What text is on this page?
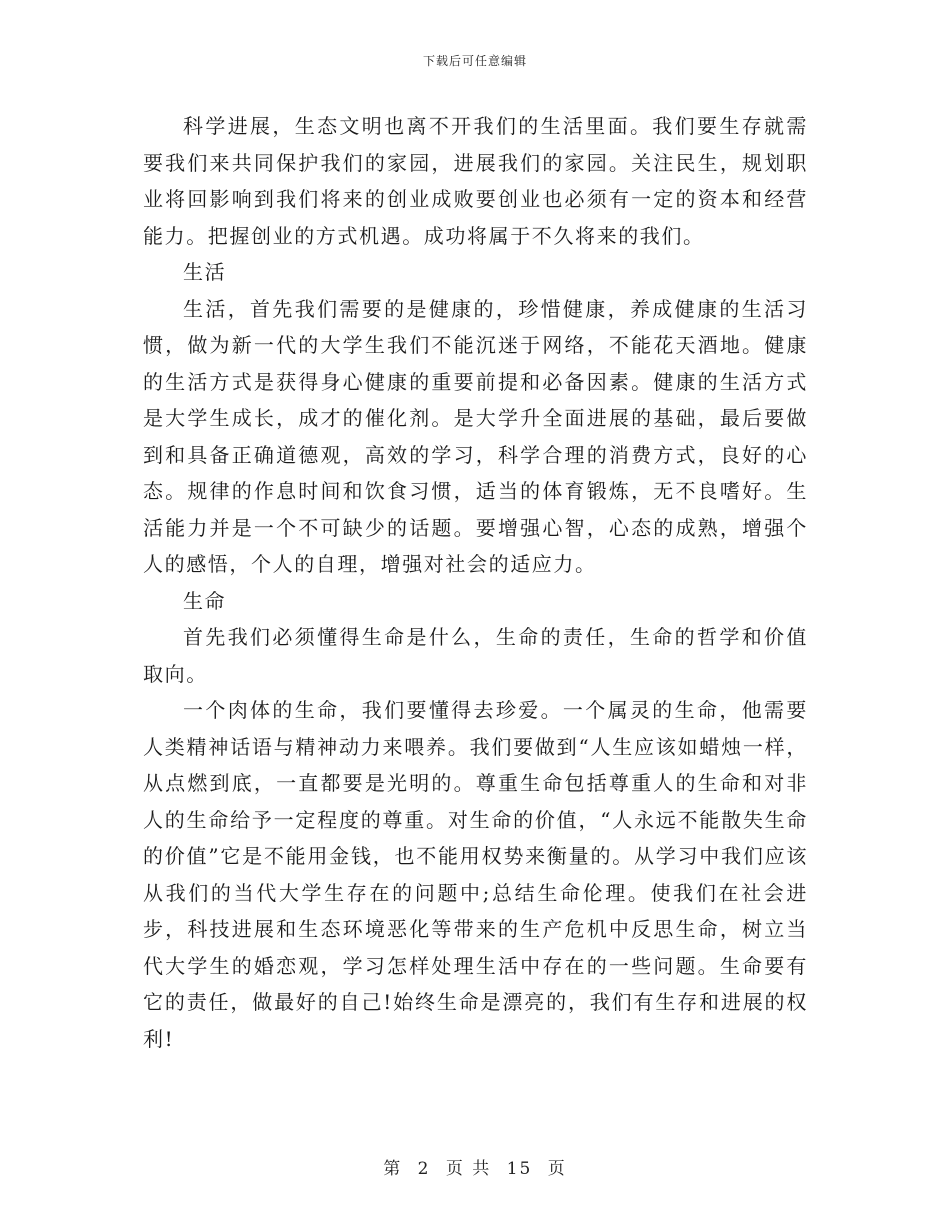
下载后可任意编辑

科学进展，生态文明也离不开我们的生活里面。我们要生存就需要我们来共同保护我们的家园，进展我们的家园。关注民生，规划职业将回影响到我们将来的创业成败要创业也必须有一定的资本和经营能力。把握创业的方式机遇。成功将属于不久将来的我们。

生活

生活，首先我们需要的是健康的，珍惜健康，养成健康的生活习惯，做为新一代的大学生我们不能沉迷于网络，不能花天酒地。健康的生活方式是获得身心健康的重要前提和必备因素。健康的生活方式是大学生成长，成才的催化剂。是大学升全面进展的基础，最后要做到和具备正确道德观，高效的学习，科学合理的消费方式，良好的心态。规律的作息时间和饮食习惯，适当的体育锻炼，无不良嗜好。生活能力并是一个不可缺少的话题。要增强心智，心态的成熟，增强个人的感悟，个人的自理，增强对社会的适应力。

生命

首先我们必须懂得生命是什么，生命的责任，生命的哲学和价值取向。

一个肉体的生命，我们要懂得去珍爱。一个属灵的生命，他需要人类精神话语与精神动力来喂养。我们要做到“人生应该如蜡烛一样，从点燃到底，一直都要是光明的。尊重生命包括尊重人的生命和对非人的生命给予一定程度的尊重。对生命的价值，“人永远不能散失生命的价值”它是不能用金钱，也不能用权势来衡量的。从学习中我们应该从我们的当代大学生存在的问题中;总结生命伦理。使我们在社会进步，科技进展和生态环境恶化等带来的生产危机中反思生命，树立当代大学生的婚恋观，学习怎样处理生活中存在的一些问题。生命要有它的责任，做最好的自己!始终生命是漂亮的，我们有生存和进展的权利!

第 2 页 共 15 页
